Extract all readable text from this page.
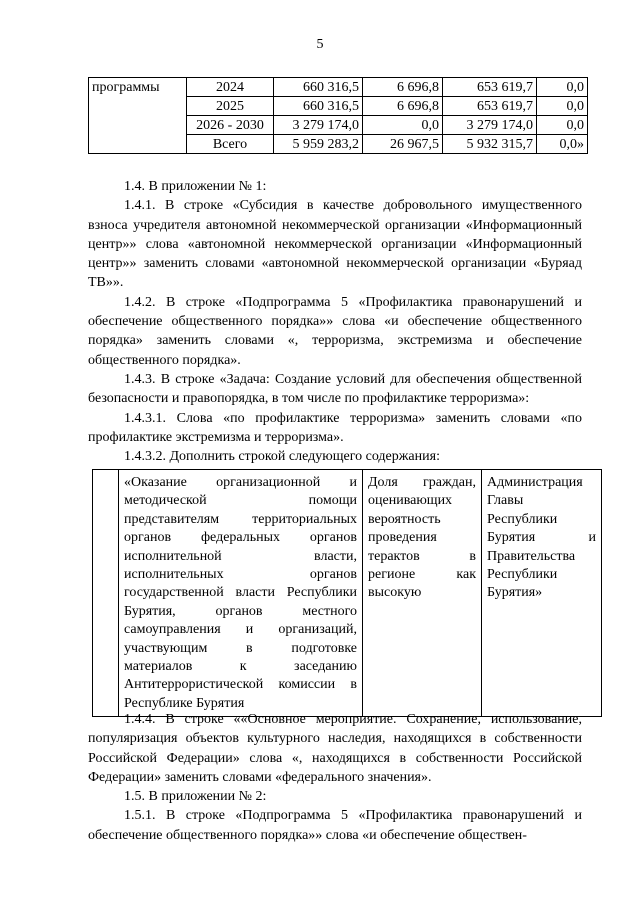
5
программы	2024	660 316,5	6 696,8	653 619,7	0,0
	2025	660 316,5	6 696,8	653 619,7	0,0
	2026 - 2030	3 279 174,0	0,0	3 279 174,0	0,0
	Всего	5 959 283,2	26 967,5	5 932 315,7	0,0»

1.4. В приложении № 1:

1.4.1. В строке «Субсидия в качестве добровольного имущественного взноса учредителя автономной некоммерческой организации «Информационный центр»» слова «автономной некоммерческой организации «Информационный центр»» заменить словами «автономной некоммерческой организации «Буряад ТВ»».

1.4.2. В строке «Подпрограмма 5 «Профилактика правонарушений и обеспечение общественного порядка»» слова «и обеспечение общественного порядка» заменить словами «, терроризма, экстремизма и обеспечение общественного порядка».

1.4.3. В строке «Задача: Создание условий для обеспечения общественной безопасности и правопорядка, в том числе по профилактике терроризма»:

1.4.3.1. Слова «по профилактике терроризма» заменить словами «по профилактике экстремизма и терроризма».

1.4.3.2. Дополнить строкой следующего содержания:

	«Оказание организационной и методической помощи представителям территориальных органов федеральных органов исполнительной власти, исполнительных органов государственной власти Республики Бурятия, органов местного самоуправления и организаций, участвующим в подготовке материалов к заседанию Антитеррористической комиссии в Республике Бурятия	Доля граждан, оценивающих вероятность проведения терактов в регионе как высокую	Администрация Главы Республики Бурятия и Правительства Республики Бурятия»

1.4.4. В строке ««Основное мероприятие. Сохранение, использование, популяризация объектов культурного наследия, находящихся в собственности Российской Федерации» слова «, находящихся в собственности Российской Федерации» заменить словами «федерального значения».

1.5. В приложении № 2:

1.5.1. В строке «Подпрограмма 5 «Профилактика правонарушений и обеспечение общественного порядка»» слова «и обеспечение обществен-
